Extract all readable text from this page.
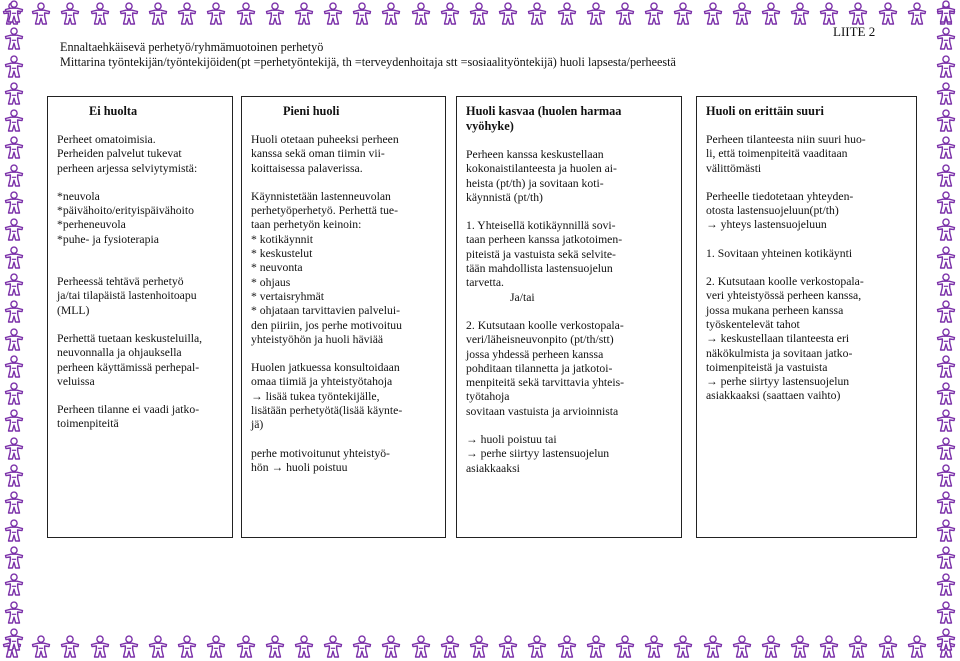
LIITE 2
Ennaltaehkäisevä perhetyö/ryhmämuotoinen perhetyö
Mittarina työntekijän/työntekijöiden(pt =perhetyöntekijä, th =terveydenhoitaja stt =sosiaalityöntekijä) huoli lapsesta/perheestä
Ei huolta
Perheet omatoimisia.
Perheiden palvelut tukevat
perheen arjessa selviytymistä:
*neuvola
*päivähoito/erityispäivähoito
*perheneuvola
*puhe- ja fysioterapia
Perheessä tehtävä perhetyö
ja/tai tilapäistä lastenhoitoapu
(MLL)
Perhettä tuetaan keskusteluilla,
neuvonnalla ja ohjauksella
perheen käyttämissä perhepal-
veluissa
Perheen tilanne ei vaadi jatko-
toimenpiteitä
Pieni huoli
Huoli otetaan puheeksi perheen
kanssa sekä oman tiimin vii-
koittaisessa palaverissa.
Käynnistetään lastenneuvolan
perhetyöperhetyö. Perhettä tue-
taan perhetyön keinoin:
* kotikäynnit
* keskustelut
* neuvonta
* ohjaus
* vertaisryhmät
* ohjataan tarvittavien palvelui-
den piiriin, jos perhe motivoituu
yhteistyöhön ja huoli häviää
Huolen jatkuessa konsultoidaan
omaa tiimiä ja yhteistyötahoja
→ lisää tukea työntekijälle,
lisätään perhetyötä(lisää käynte-
jä)
perhe motivoitunut yhteistyö-
hön → huoli poistuu
Huoli kasvaa (huolen harmaa
vyöhyke)
Perheen kanssa keskustellaan
kokonaistilanteesta ja huolen ai-
heista (pt/th) ja sovitaan koti-
käynnistä (pt/th)
1. Yhteisellä kotikäynnillä sovi-
taan perheen kanssa jatkotoimen-
piteistä ja vastuista sekä selvite-
tään mahdollista lastensuojelun
tarvetta.
Ja/tai
2. Kutsutaan koolle verkostopala-
veri/läheisneuvonpito (pt/th/stt)
jossa yhdessä perheen kanssa
pohditaan tilannetta ja jatkotoi-
menpiteitä sekä tarvittavia yhteis-
työtahoja
sovitaan vastuista ja arvioinnista
→ huoli poistuu tai
→ perhe siirtyy lastensuojelun
asiakkaaksi
Huoli on erittäin suuri
Perheen tilanteesta niin suuri huo-
li, että toimenpiteitä vaaditaan
välittömästi
Perheelle tiedotetaan yhteyden-
otosta lastensuojeluun(pt/th)
→ yhteys lastensuojeluun
1. Sovitaan yhteinen kotikäynti
2. Kutsutaan koolle verkostopala-
veri yhteistyössä perheen kanssa,
jossa mukana perheen kanssa
työskentelevät tahot
→ keskustellaan tilanteesta eri
näkökulmista ja sovitaan jatko-
toimenpiteistä ja vastuista
→ perhe siirtyy lastensuojelun
asiakkaaksi (saattaen vaihto)
